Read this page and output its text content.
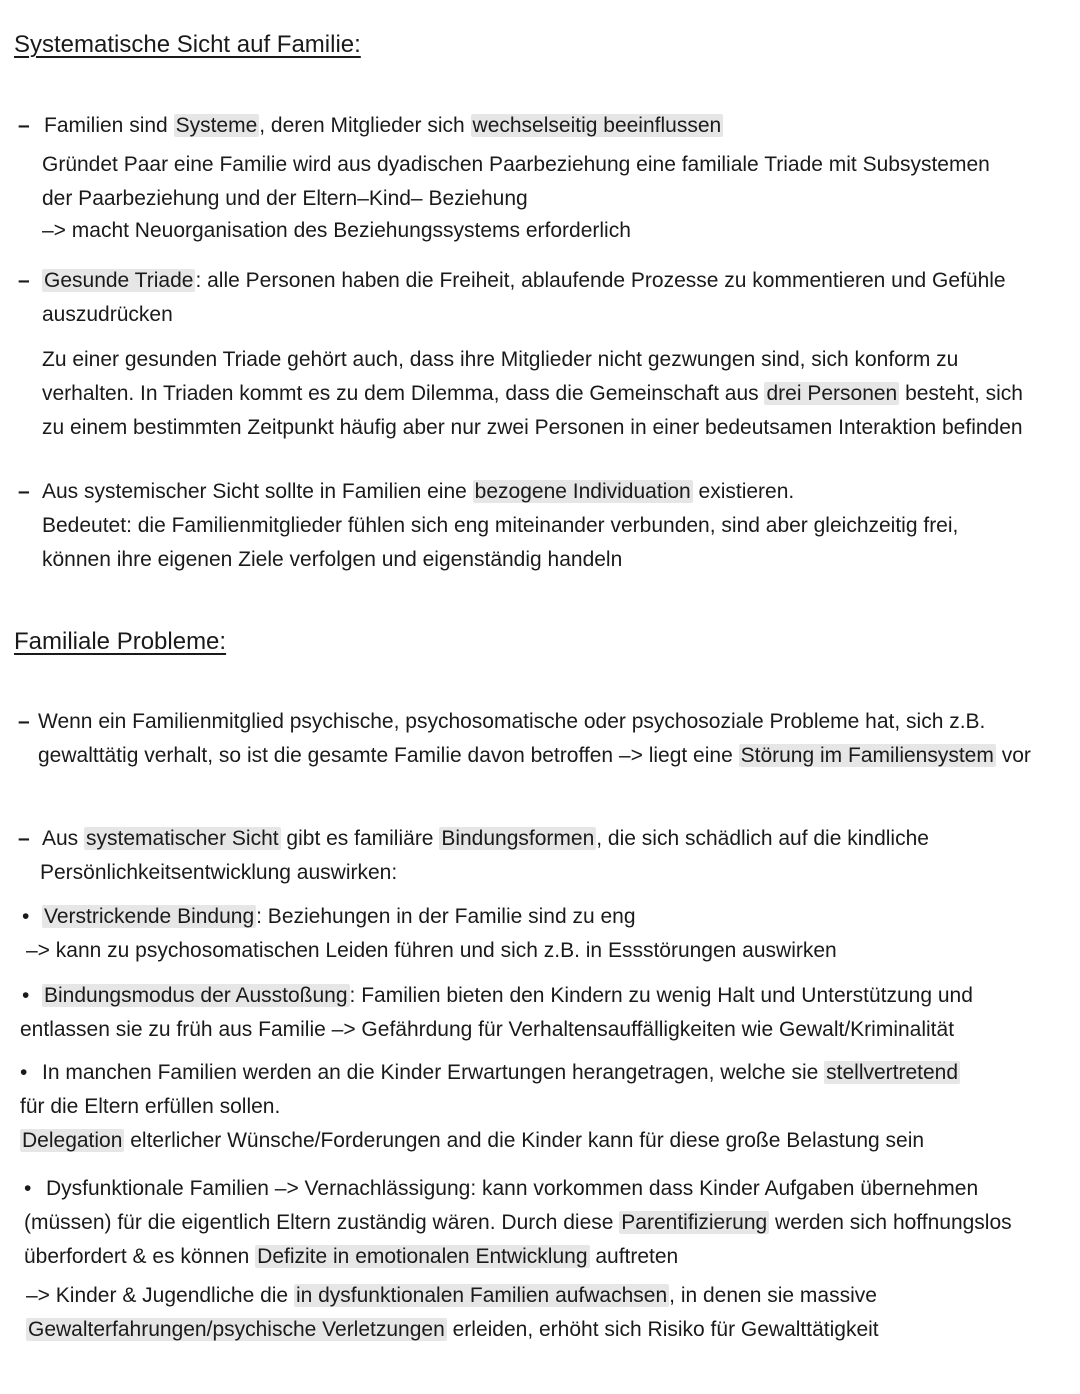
Systematische Sicht auf Familie:
– Familien sind Systeme, deren Mitglieder sich wechselseitig beeinflussen
Gründet Paar eine Familie wird aus dyadischen Paarbeziehung eine familiale Triade mit Subsystemen
der Paarbeziehung und der Eltern–Kind– Beziehung
–> macht Neuorganisation des Beziehungssystems erforderlich
– Gesunde Triade: alle Personen haben die Freiheit, ablaufende Prozesse zu kommentieren und Gefühle
auszudrücken
Zu einer gesunden Triade gehört auch, dass ihre Mitglieder nicht gezwungen sind, sich konform zu
verhalten. In Triaden kommt es zu dem Dilemma, dass die Gemeinschaft aus drei Personen besteht, sich
zu einem bestimmten Zeitpunkt häufig aber nur zwei Personen in einer bedeutsamen Interaktion befinden
– Aus systemischer Sicht sollte in Familien eine bezogene Individuation existieren.
Bedeutet: die Familienmitglieder fühlen sich eng miteinander verbunden, sind aber gleichzeitig frei,
können ihre eigenen Ziele verfolgen und eigenständig handeln
Familiale Probleme:
– Wenn ein Familienmitglied psychische, psychosomatische oder psychosoziale Probleme hat, sich z.B.
gewalttätig verhalt, so ist die gesamte Familie davon betroffen –> liegt eine Störung im Familiensystem vor
– Aus systematischer Sicht gibt es familiäre Bindungsformen, die sich schädlich auf die kindliche
Persönlichkeitsentwicklung auswirken:
• Verstrickende Bindung: Beziehungen in der Familie sind zu eng
–> kann zu psychosomatischen Leiden führen und sich z.B. in Essstörungen auswirken
• Bindungsmodus der Ausstoßung: Familien bieten den Kindern zu wenig Halt und Unterstützung und
entlassen sie zu früh aus Familie –> Gefährdung für Verhaltensauffälligkeiten wie Gewalt/Kriminalität
• In manchen Familien werden an die Kinder Erwartungen herangetragen, welche sie stellvertretend
für die Eltern erfüllen sollen.
Delegation elterlicher Wünsche/Forderungen and die Kinder kann für diese große Belastung sein
• Dysfunktionale Familien –> Vernachlässigung: kann vorkommen dass Kinder Aufgaben übernehmen
(müssen) für die eigentlich Eltern zuständig wären. Durch diese Parentifizierung werden sich hoffnungslos
überfordert & es können Defizite in emotionalen Entwicklung auftreten
–> Kinder & Jugendliche die in dysfunktionalen Familien aufwachsen, in denen sie massive
Gewalterfahrungen/psychische Verletzungen erleiden, erhöht sich Risiko für Gewalttätigkeit
